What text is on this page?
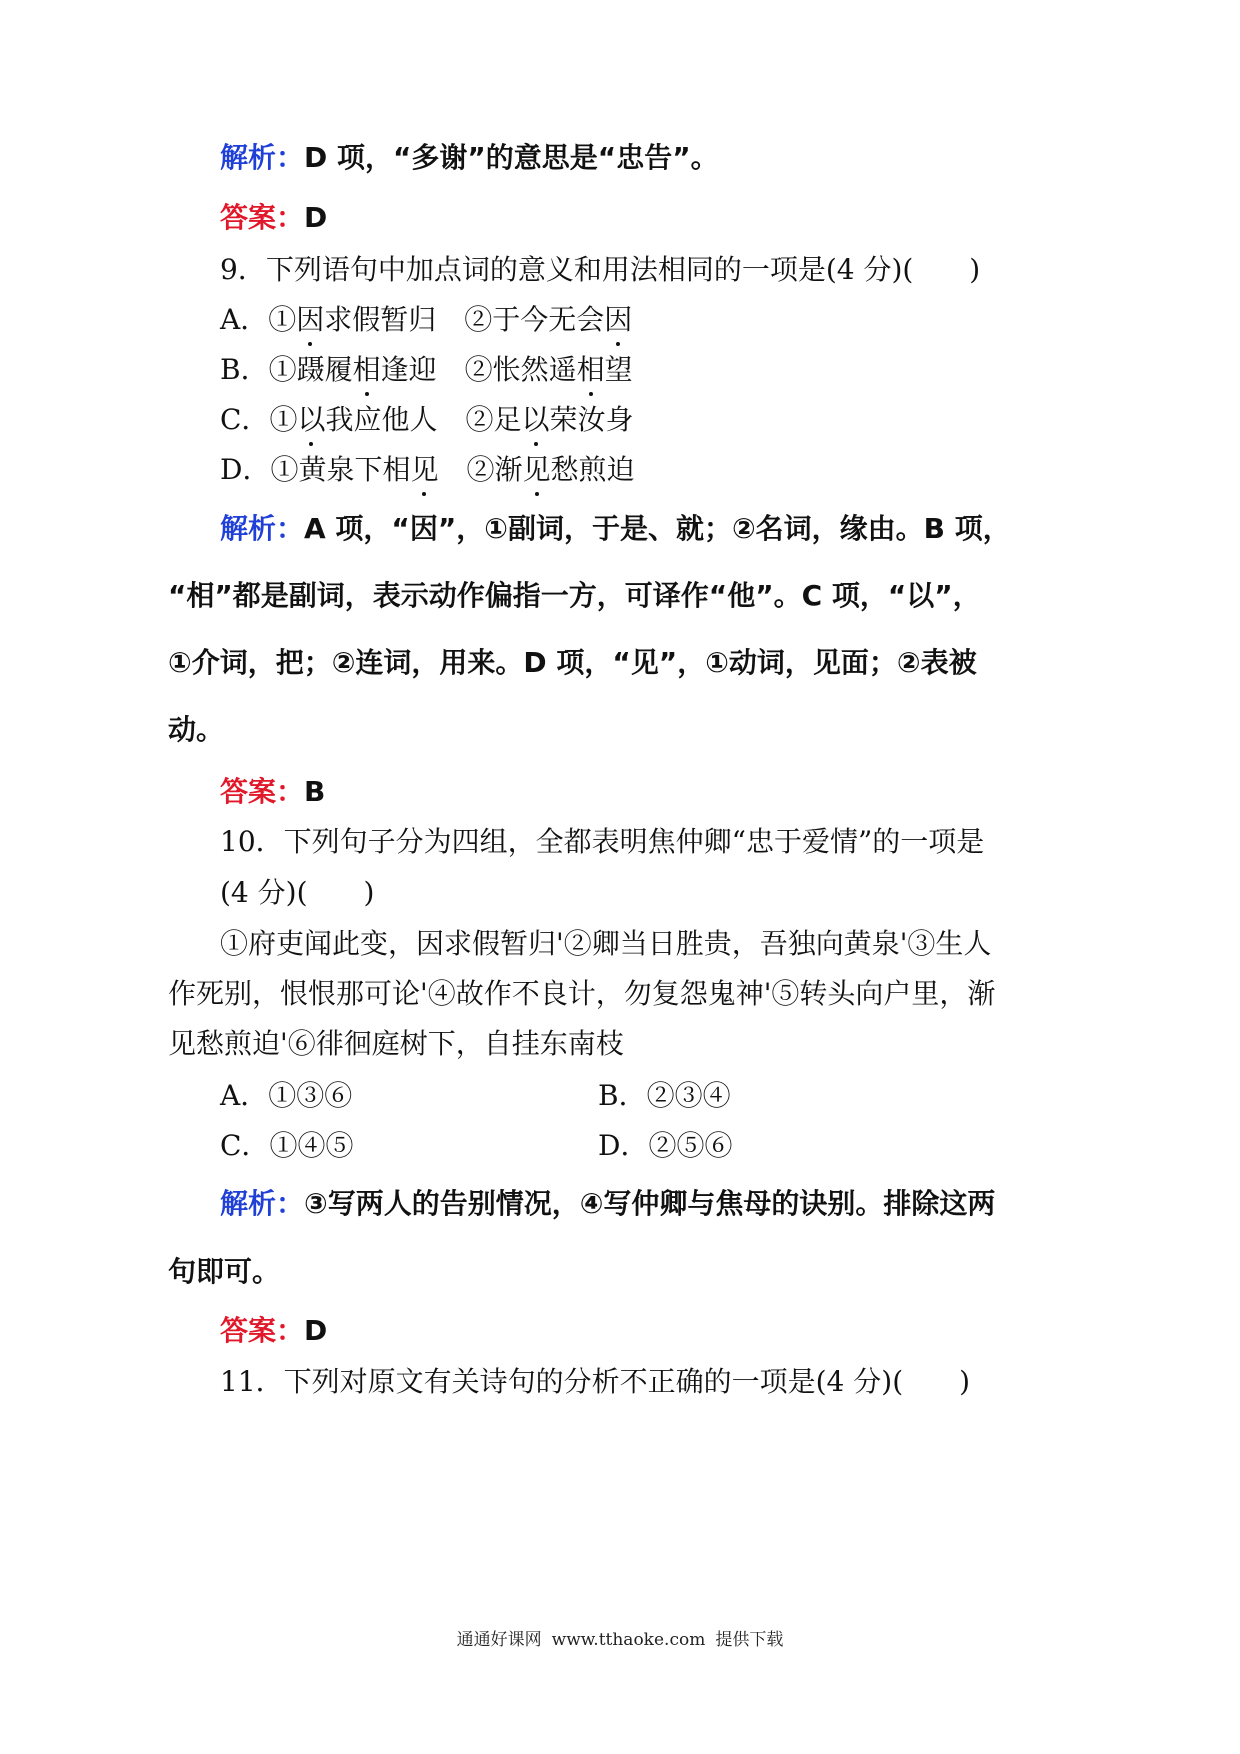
解析：D 项，“多谢”的意思是“忠告”。
答案：D
9．下列语句中加点词的意义和用法相同的一项是(4 分)(　　)
A．①因求假暂归 ②于今无会因
B．①蹑履相逢迎 ②怅然遥相望
C．①以我应他人 ②足以荣汝身
D．①黄泉下相见 ②渐见愁煎迫
解析：A 项，“因”，①副词，于是、就；②名词，缘由。B 项，
“相”都是副词，表示动作偏指一方，可译作“他”。C 项，“以”，
①介词，把；②连词，用来。D 项，“见”，①动词，见面；②表被
动。
答案：B
10．下列句子分为四组，全都表明焦仲卿“忠于爱情”的一项是
(4 分)(　　)
①府吏闻此变，因求假暂归'②卿当日胜贵，吾独向黄泉'③生人
作死别，恨恨那可论'④故作不良计，勿复怨鬼神'⑤转头向户里，渐
见愁煎迫'⑥徘徊庭树下，自挂东南枝
A．①③⑥	B．②③④
C．①④⑤	D．②⑤⑥
解析：③写两人的告别情况，④写仲卿与焦母的诀别。排除这两
句即可。
答案：D
11．下列对原文有关诗句的分析不正确的一项是(4 分)(　　)
通通好课网 www.tthaoke.com 提供下载
